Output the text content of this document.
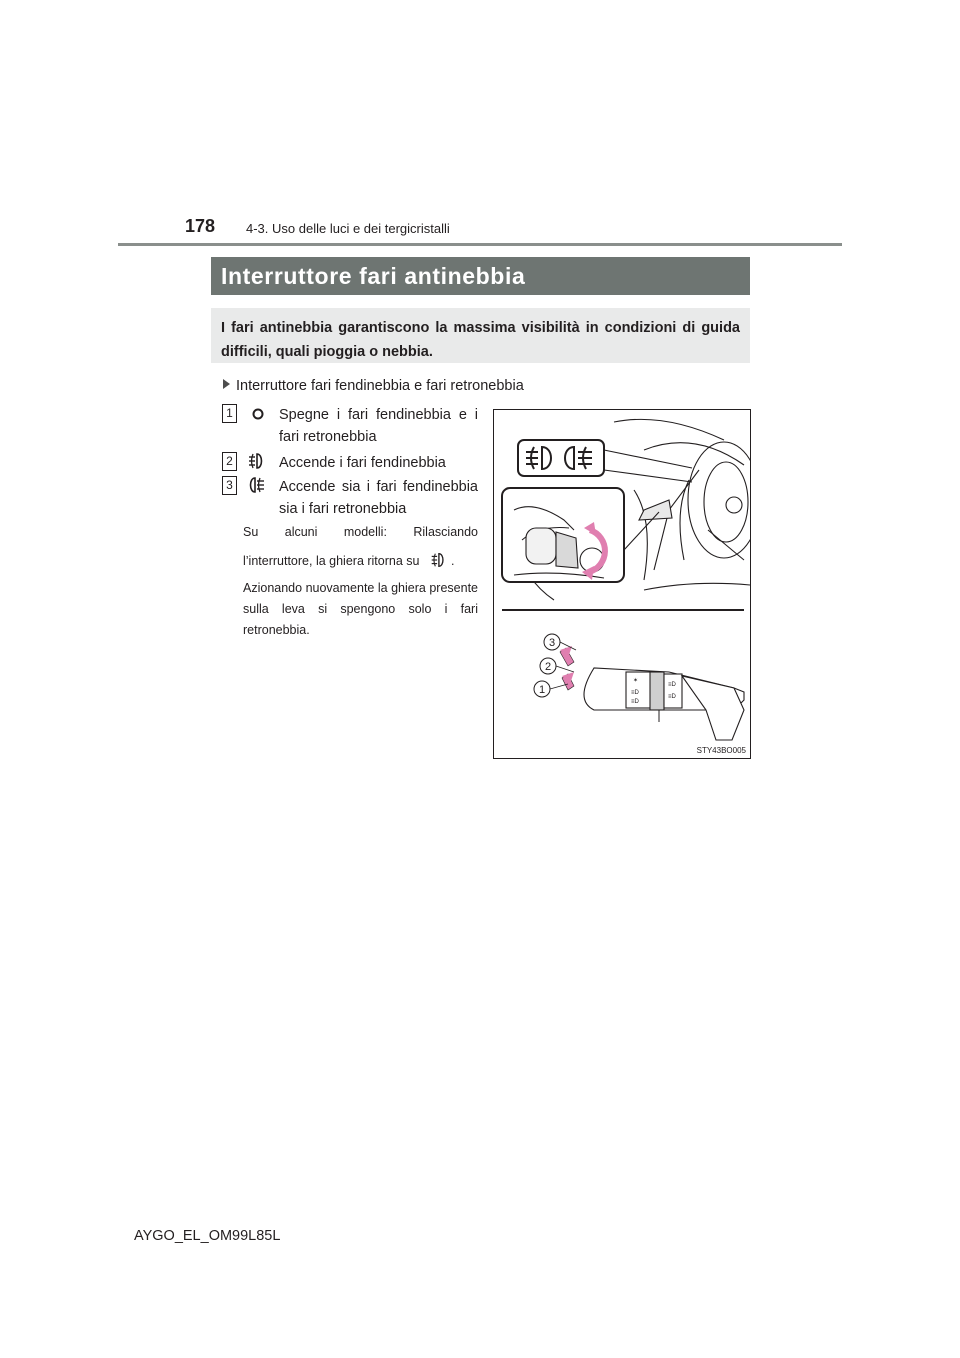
178 4-3. Uso delle luci e dei tergicristalli
Interruttore fari antinebbia

I fari antinebbia garantiscono la massima visibilità in condizioni di guida difficili, quali pioggia o nebbia.

Interruttore fari fendinebbia e fari retronebbia
1	Spegne i fari fendinebbia e i fari retronebbia
2	Accende i fari fendinebbia
3	Accende sia i fari fendinebbia sia i fari retronebbia
Su alcuni modelli: Rilasciando
l’interruttore, la ghiera ritorna su	.
Azionando nuovamente la ghiera presente sulla leva si spengono solo i fari retronebbia.
✶
≡D
≡D
≡D
≡D
3
2
1
STY43BO005
AYGO_EL_OM99L85L
